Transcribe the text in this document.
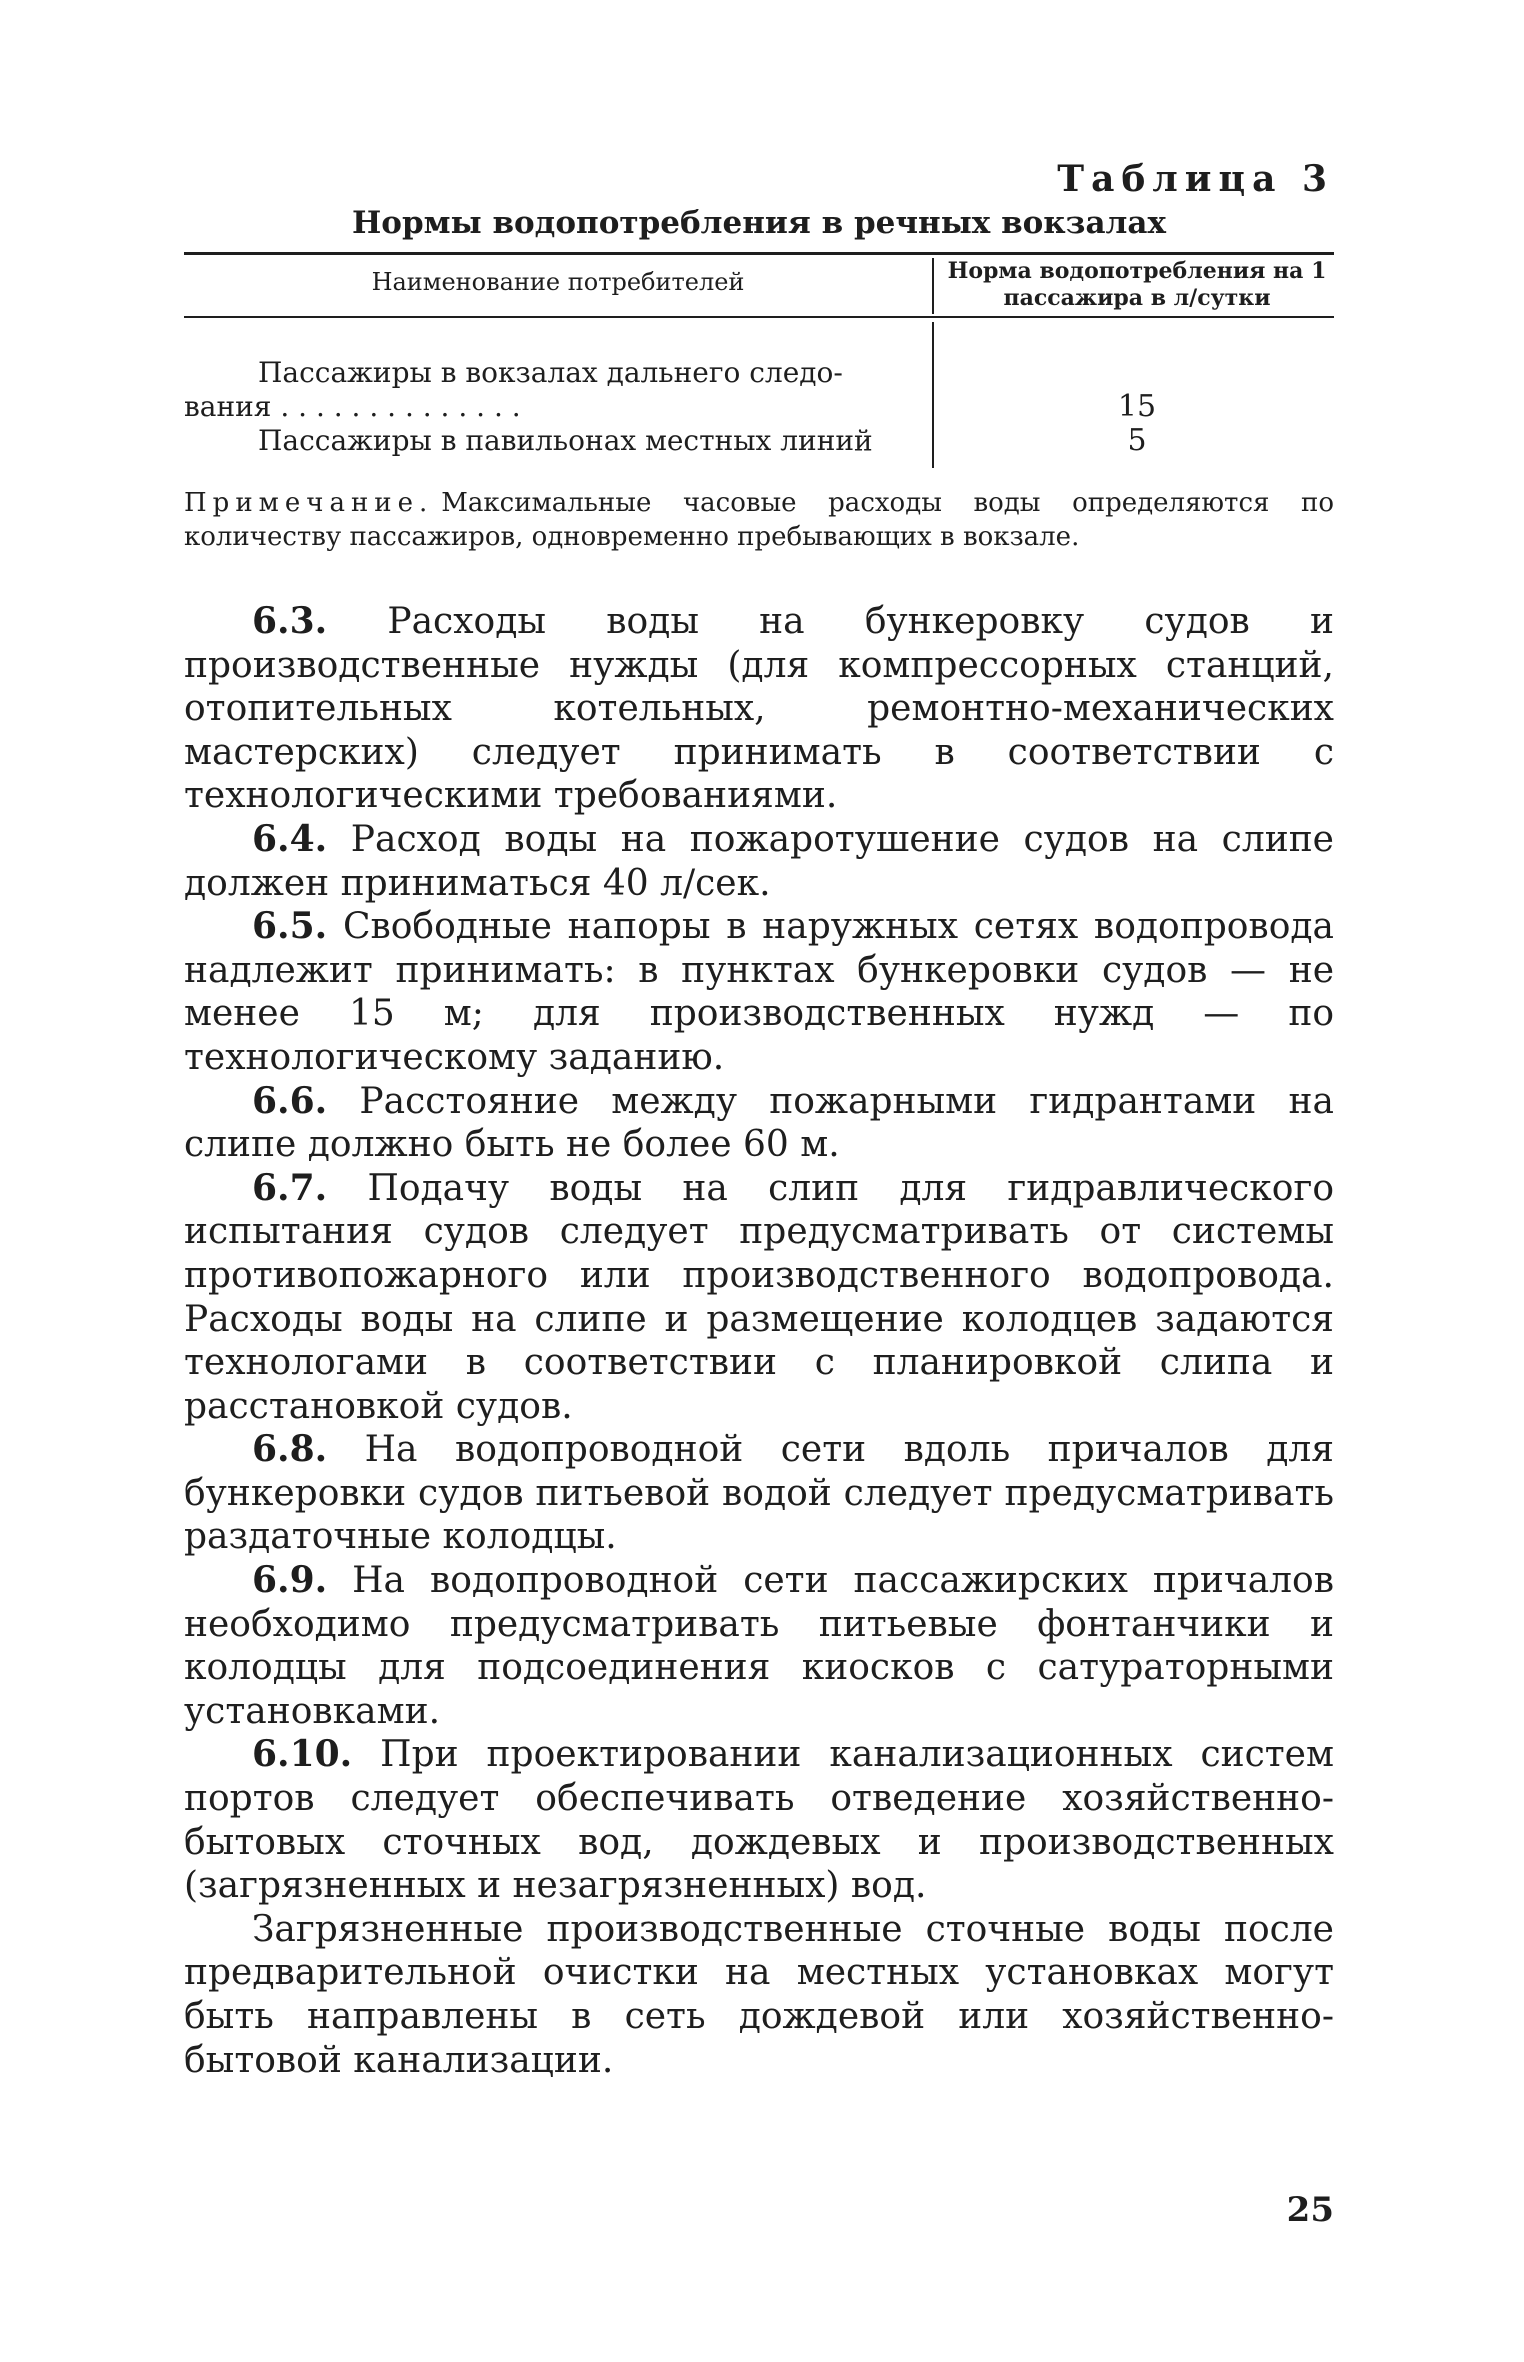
Таблица 3
Нормы водопотребления в речных вокзалах
Наименование потребителей	Норма водопотребления на 1 пассажира в л/сутки
Пассажиры в вокзалах дальнего следо-
вания . . . . . . . . . . . . . .	15
Пассажиры в павильонах местных линий	5
Примечание. Максимальные часовые расходы воды определяются по количеству пассажиров, одновременно пребывающих в вокзале.

6.3. Расходы воды на бункеровку судов и производственные нужды (для компрессорных станций, отопительных котельных, ремонтно-механических мастерских) следует принимать в соответствии с технологическими требованиями.

6.4. Расход воды на пожаротушение судов на слипе должен приниматься 40 л/сек.

6.5. Свободные напоры в наружных сетях водопровода надлежит принимать: в пунктах бункеровки судов — не менее 15 м; для производственных нужд — по технологическому заданию.

6.6. Расстояние между пожарными гидрантами на слипе должно быть не более 60 м.

6.7. Подачу воды на слип для гидравлического испытания судов следует предусматривать от системы противопожарного или производственного водопровода. Расходы воды на слипе и размещение колодцев задаются технологами в соответствии с планировкой слипа и расстановкой судов.

6.8. На водопроводной сети вдоль причалов для бункеровки судов питьевой водой следует предусматривать раздаточные колодцы.

6.9. На водопроводной сети пассажирских причалов необходимо предусматривать питьевые фонтанчики и колодцы для подсоединения киосков с сатураторными установками.

6.10. При проектировании канализационных систем портов следует обеспечивать отведение хозяйственно-бытовых сточных вод, дождевых и производственных (загрязненных и незагрязненных) вод.

Загрязненные производственные сточные воды после предварительной очистки на местных установках могут быть направлены в сеть дождевой или хозяйственно-бытовой канализации.

25
